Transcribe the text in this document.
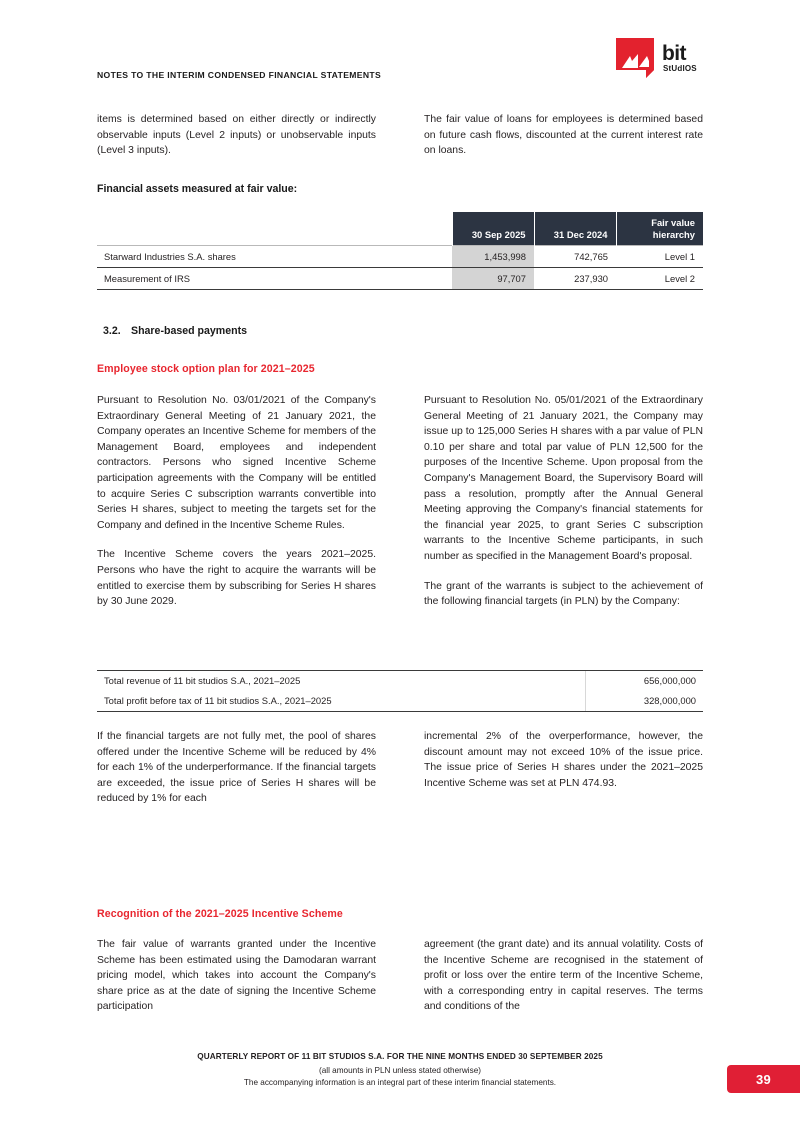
NOTES TO THE INTERIM CONDENSED FINANCIAL STATEMENTS
bit
StUdIOS

items is determined based on either directly or indirectly observable inputs (Level 2 inputs) or unobservable inputs (Level 3 inputs).

The fair value of loans for employees is determined based on future cash flows, discounted at the current interest rate on loans.

Financial assets measured at fair value:
	30 Sep 2025	31 Dec 2024	Fair value hierarchy
Starward Industries S.A. shares	1,453,998	742,765	Level 1
Measurement of IRS	97,707	237,930	Level 2
3.2. Share-based payments
Employee stock option plan for 2021–2025

Pursuant to Resolution No. 03/01/2021 of the Company's Extraordinary General Meeting of 21 January 2021, the Company operates an Incentive Scheme for members of the Management Board, employees and independent contractors. Persons who signed Incentive Scheme participation agreements with the Company will be entitled to acquire Series C subscription warrants convertible into Series H shares, subject to meeting the targets set for the Company and defined in the Incentive Scheme Rules.

The Incentive Scheme covers the years 2021–2025. Persons who have the right to acquire the warrants will be entitled to exercise them by subscribing for Series H shares by 30 June 2029.

Pursuant to Resolution No. 05/01/2021 of the Extraordinary General Meeting of 21 January 2021, the Company may issue up to 125,000 Series H shares with a par value of PLN 0.10 per share and total par value of PLN 12,500 for the purposes of the Incentive Scheme. Upon proposal from the Company's Management Board, the Supervisory Board will pass a resolution, promptly after the Annual General Meeting approving the Company's financial statements for the financial year 2025, to grant Series C subscription warrants to the Incentive Scheme participants, in such number as specified in the Management Board's proposal.

The grant of the warrants is subject to the achievement of the following financial targets (in PLN) by the Company:

Total revenue of 11 bit studios S.A., 2021–2025	656,000,000
Total profit before tax of 11 bit studios S.A., 2021–2025	328,000,000

If the financial targets are not fully met, the pool of shares offered under the Incentive Scheme will be reduced by 4% for each 1% of the underperformance. If the financial targets are exceeded, the issue price of Series H shares will be reduced by 1% for each

incremental 2% of the overperformance, however, the discount amount may not exceed 10% of the issue price. The issue price of Series H shares under the 2021–2025 Incentive Scheme was set at PLN 474.93.

Recognition of the 2021–2025 Incentive Scheme

The fair value of warrants granted under the Incentive Scheme has been estimated using the Damodaran warrant pricing model, which takes into account the Company's share price as at the date of signing the Incentive Scheme participation

agreement (the grant date) and its annual volatility. Costs of the Incentive Scheme are recognised in the statement of profit or loss over the entire term of the Incentive Scheme, with a corresponding entry in capital reserves. The terms and conditions of the

QUARTERLY REPORT OF 11 BIT STUDIOS S.A. FOR THE NINE MONTHS ENDED 30 SEPTEMBER 2025
(all amounts in PLN unless stated otherwise)
The accompanying information is an integral part of these interim financial statements.	39
